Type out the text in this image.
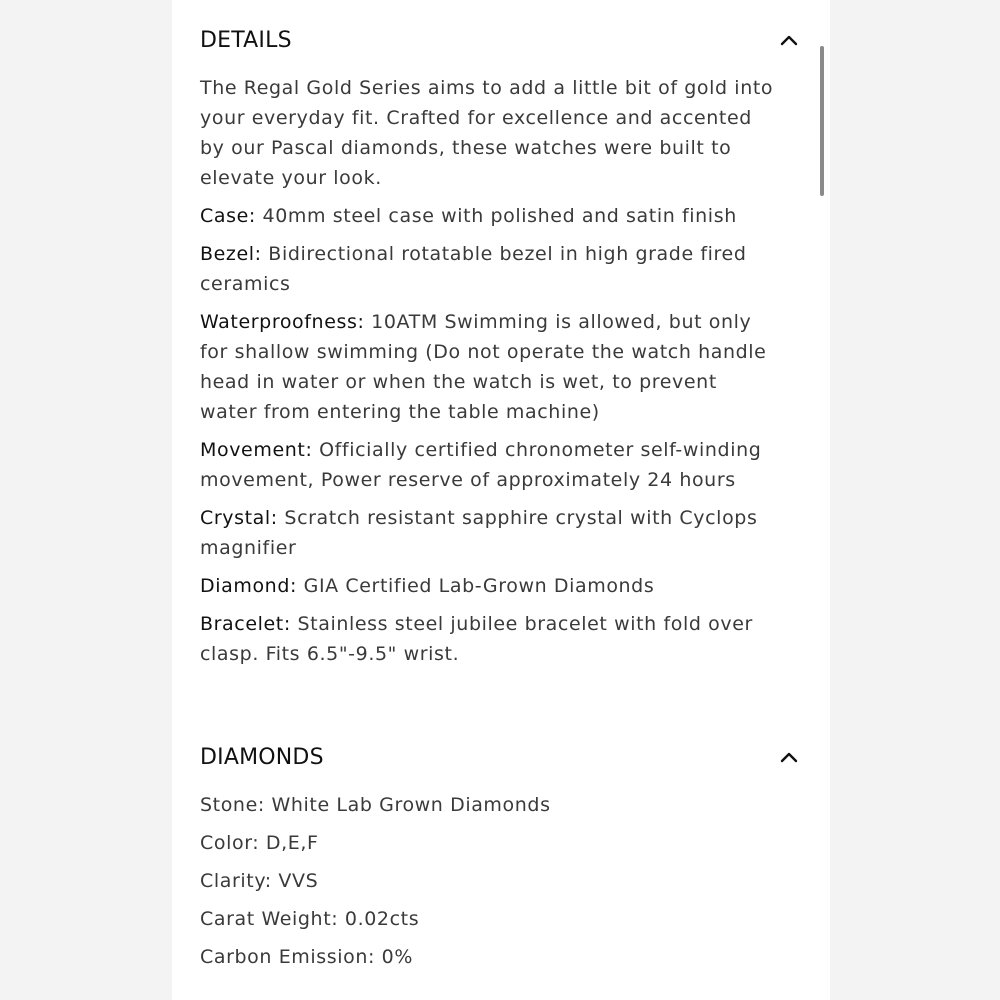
DETAILS

The Regal Gold Series aims to add a little bit of gold into your everyday fit. Crafted for excellence and accented by our Pascal diamonds, these watches were built to elevate your look.

Case: 40mm steel case with polished and satin finish

Bezel: Bidirectional rotatable bezel in high grade fired ceramics

Waterproofness: 10ATM Swimming is allowed, but only for shallow swimming (Do not operate the watch handle head in water or when the watch is wet, to prevent water from entering the table machine)

Movement: Officially certified chronometer self-winding movement, Power reserve of approximately 24 hours

Crystal: Scratch resistant sapphire crystal with Cyclops magnifier

Diamond: GIA Certified Lab-Grown Diamonds

Bracelet: Stainless steel jubilee bracelet with fold over clasp. Fits 6.5"-9.5" wrist.

DIAMONDS

Stone: White Lab Grown Diamonds

Color: D,E,F

Clarity: VVS

Carat Weight: 0.02cts

Carbon Emission: 0%
